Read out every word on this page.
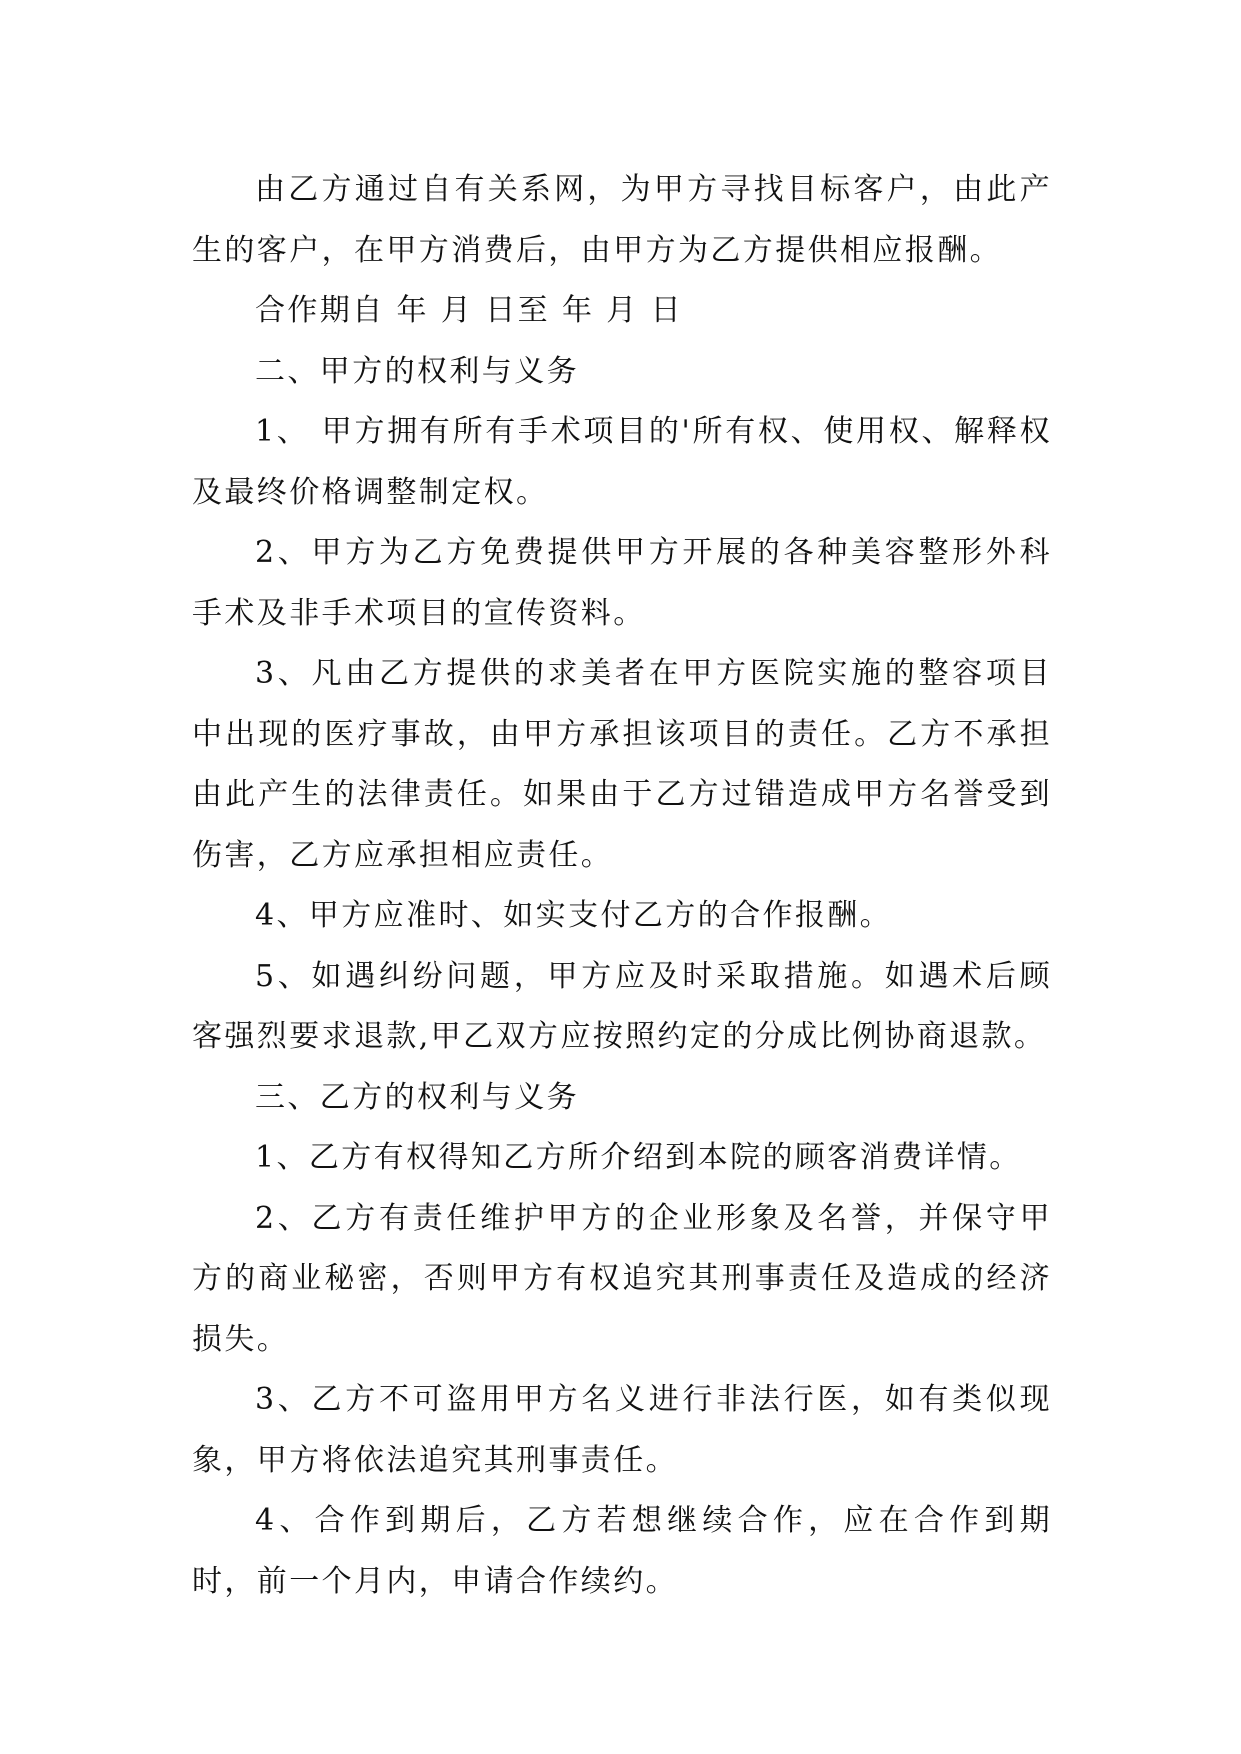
由乙方通过自有关系网，为甲方寻找目标客户，由此产生的客户，在甲方消费后，由甲方为乙方提供相应报酬。

合作期自 年 月 日至 年 月 日

二、甲方的权利与义务

1、 甲方拥有所有手术项目的'所有权、使用权、解释权及最终价格调整制定权。

2、甲方为乙方免费提供甲方开展的各种美容整形外科手术及非手术项目的宣传资料。

3、凡由乙方提供的求美者在甲方医院实施的整容项目中出现的医疗事故，由甲方承担该项目的责任。乙方不承担由此产生的法律责任。如果由于乙方过错造成甲方名誉受到伤害，乙方应承担相应责任。

4、甲方应准时、如实支付乙方的合作报酬。

5、如遇纠纷问题，甲方应及时采取措施。如遇术后顾客强烈要求退款,甲乙双方应按照约定的分成比例协商退款。

三、乙方的权利与义务

1、乙方有权得知乙方所介绍到本院的顾客消费详情。

2、乙方有责任维护甲方的企业形象及名誉，并保守甲方的商业秘密，否则甲方有权追究其刑事责任及造成的经济损失。

3、乙方不可盗用甲方名义进行非法行医，如有类似现象，甲方将依法追究其刑事责任。

4、合作到期后，乙方若想继续合作，应在合作到期时，前一个月内，申请合作续约。
